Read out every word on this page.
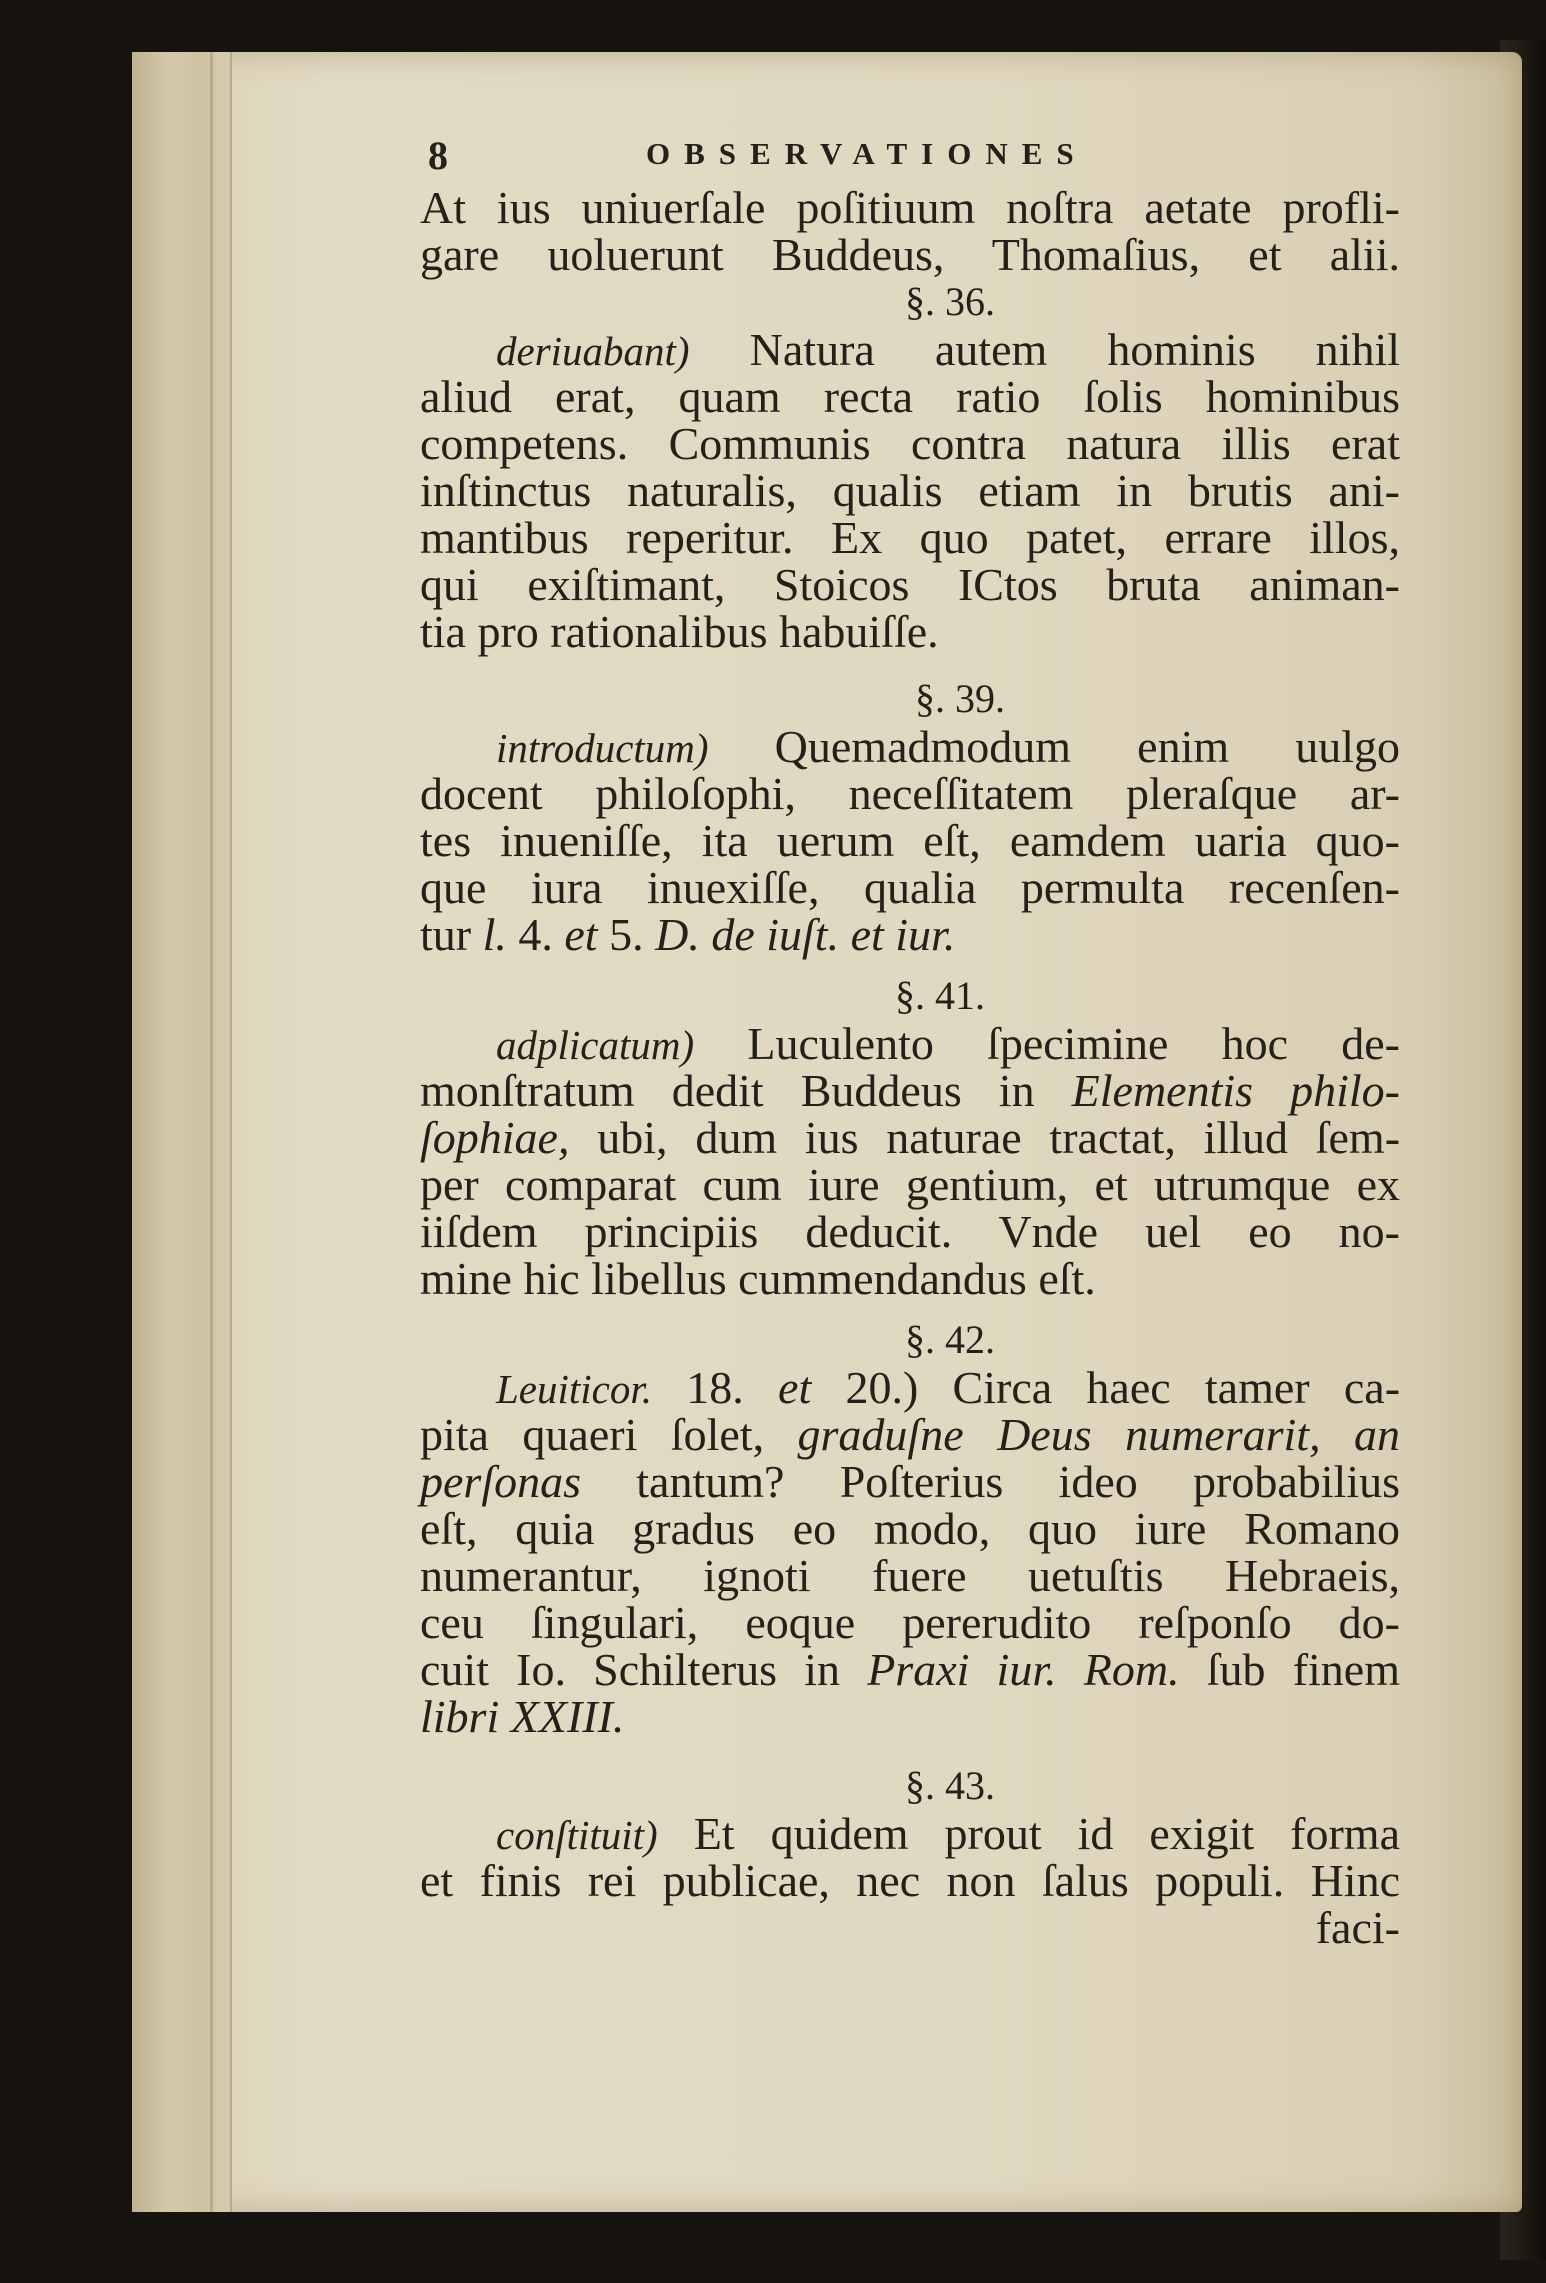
8	OBSERVATIONES
At ius uniuerſale poſitiuum noſtra aetate profli-
gare uoluerunt Buddeus, Thomaſius, et alii.
§. 36.
deriuabant) Natura autem hominis nihil
aliud erat, quam recta ratio ſolis hominibus
competens. Communis contra natura illis erat
inſtinctus naturalis, qualis etiam in brutis ani-
mantibus reperitur. Ex quo patet, errare illos,
qui exiſtimant, Stoicos ICtos bruta animan-
tia pro rationalibus habuiſſe.
§. 39.
introductum) Quemadmodum enim uulgo
docent philoſophi, neceſſitatem pleraſque ar-
tes inueniſſe, ita uerum eſt, eamdem uaria quo-
que iura inuexiſſe, qualia permulta recenſen-
tur l. 4. et 5. D. de iuſt. et iur.
§. 41.
adplicatum) Luculento ſpecimine hoc de-
monſtratum dedit Buddeus in Elementis philo-
ſophiae, ubi, dum ius naturae tractat, illud ſem-
per comparat cum iure gentium, et utrumque ex
iiſdem principiis deducit. Vnde uel eo no-
mine hic libellus cummendandus eſt.
§. 42.
Leuiticor. 18. et 20.) Circa haec tamer ca-
pita quaeri ſolet, graduſne Deus numerarit, an
perſonas tantum? Poſterius ideo probabilius
eſt, quia gradus eo modo, quo iure Romano
numerantur, ignoti fuere uetuſtis Hebraeis,
ceu ſingulari, eoque pererudito reſponſo do-
cuit Io. Schilterus in Praxi iur. Rom. ſub finem
libri XXIII.
§. 43.
conſtituit) Et quidem prout id exigit forma
et finis rei publicae, nec non ſalus populi. Hinc
faci-
